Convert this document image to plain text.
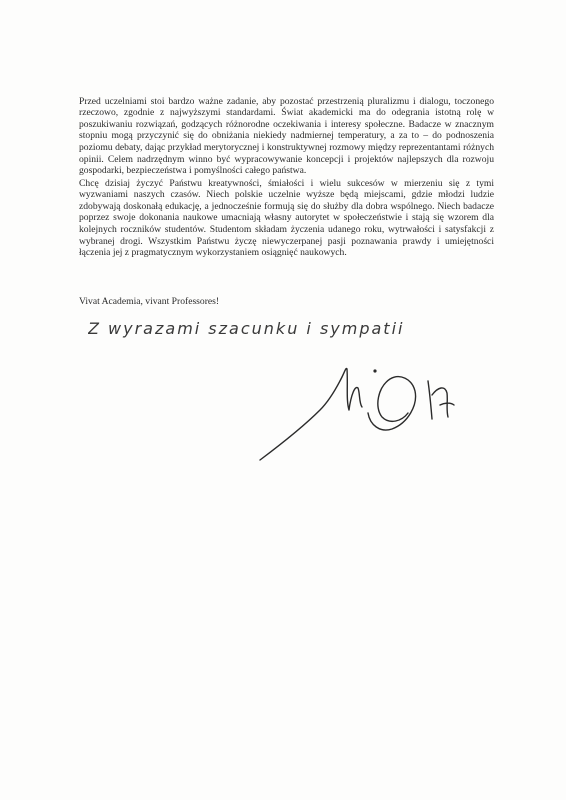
Przed uczelniami stoi bardzo ważne zadanie, aby pozostać przestrzenią pluralizmu i dialogu, toczonego rzeczowo, zgodnie z najwyższymi standardami. Świat akademicki ma do odegrania istotną rolę w poszukiwaniu rozwiązań, godzących różnorodne oczekiwania i interesy społeczne. Badacze w znacznym stopniu mogą przyczynić się do obniżania niekiedy nadmiernej temperatury, a za to – do podnoszenia poziomu debaty, dając przykład merytorycznej i konstruktywnej rozmowy między reprezentantami różnych opinii. Celem nadrzędnym winno być wypracowywanie koncepcji i projektów najlepszych dla rozwoju gospodarki, bezpieczeństwa i pomyślności całego państwa.

Chcę dzisiaj życzyć Państwu kreatywności, śmiałości i wielu sukcesów w mierzeniu się z tymi wyzwaniami naszych czasów. Niech polskie uczelnie wyższe będą miejscami, gdzie młodzi ludzie zdobywają doskonałą edukację, a jednocześnie formują się do służby dla dobra wspólnego. Niech badacze poprzez swoje dokonania naukowe umacniają własny autorytet w społeczeństwie i stają się wzorem dla kolejnych roczników studentów. Studentom składam życzenia udanego roku, wytrwałości i satysfakcji z wybranej drogi. Wszystkim Państwu życzę niewyczerpanej pasji poznawania prawdy i umiejętności łączenia jej z pragmatycznym wykorzystaniem osiągnięć naukowych.

Vivat Academia, vivant Professores!

Z wyrazami szacunku i sympatii
